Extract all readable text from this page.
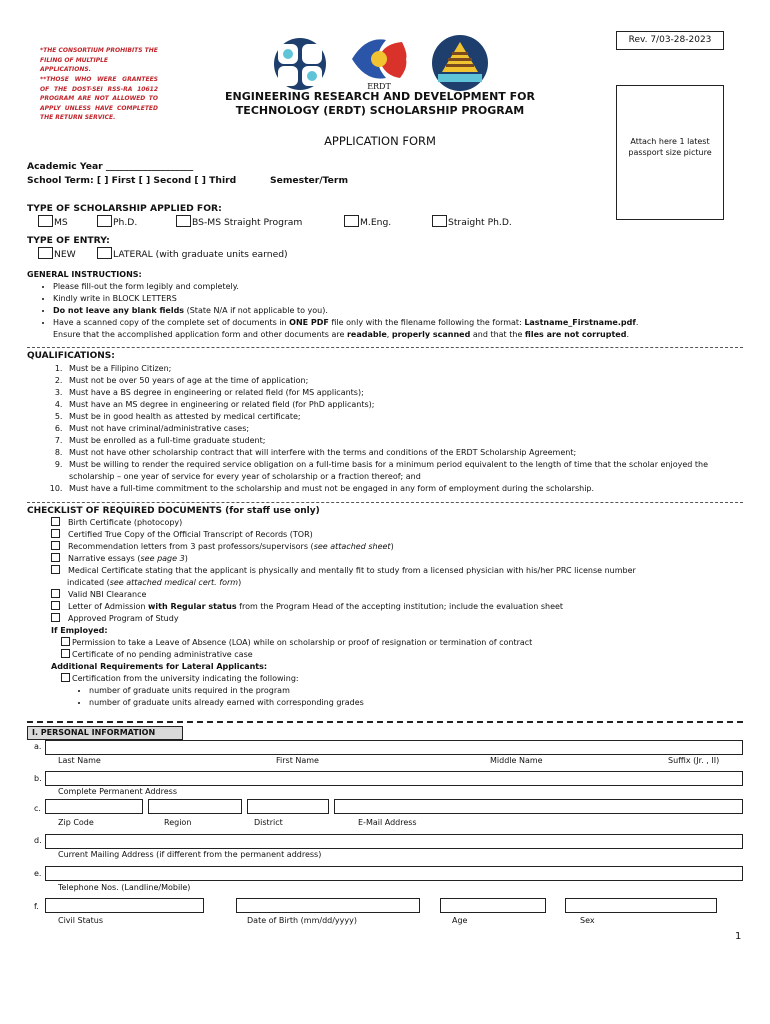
Rev. 7/03-28-2023
*THE CONSORTIUM PROHIBITS THE FILING OF MULTIPLE APPLICATIONS.
**THOSE WHO WERE GRANTEES OF THE DOST-SEI RSS-RA 10612 PROGRAM ARE NOT ALLOWED TO APPLY UNLESS HAVE COMPLETED THE RETURN SERVICE.
ERDT
ENGINEERING RESEARCH AND DEVELOPMENT FOR
TECHNOLOGY (ERDT) SCHOLARSHIP PROGRAM
APPLICATION FORM	Attach here 1 latest passport size picture
Academic Year ___________________
School Term: [ ] First [ ] Second [ ] Third	Semester/Term
TYPE OF SCHOLARSHIP APPLIED FOR:
MS	Ph.D.	BS-MS Straight Program	M.Eng.	Straight Ph.D.
TYPE OF ENTRY:
NEW	LATERAL (with graduate units earned)
GENERAL INSTRUCTIONS:
• Please fill-out the form legibly and completely.
• Kindly write in BLOCK LETTERS
• Do not leave any blank fields (State N/A if not applicable to you).
• Have a scanned copy of the complete set of documents in ONE PDF file only with the filename following the format: Lastname_Firstname.pdf.
Ensure that the accomplished application form and other documents are readable, properly scanned and that the files are not corrupted.
QUALIFICATIONS:
1. Must be a Filipino Citizen;
2. Must not be over 50 years of age at the time of application;
3. Must have a BS degree in engineering or related field (for MS applicants);
4. Must have an MS degree in engineering or related field (for PhD applicants);
5. Must be in good health as attested by medical certificate;
6. Must not have criminal/administrative cases;
7. Must be enrolled as a full-time graduate student;
8. Must not have other scholarship contract that will interfere with the terms and conditions of the ERDT Scholarship Agreement;
9. Must be willing to render the required service obligation on a full-time basis for a minimum period equivalent to the length of time that the scholar enjoyed the scholarship – one year of service for every year of scholarship or a fraction thereof; and
10. Must have a full-time commitment to the scholarship and must not be engaged in any form of employment during the scholarship.
CHECKLIST OF REQUIRED DOCUMENTS (for staff use only)
Birth Certificate (photocopy)
Certified True Copy of the Official Transcript of Records (TOR)
Recommendation letters from 3 past professors/supervisors (see attached sheet)
Narrative essays (see page 3)
Medical Certificate stating that the applicant is physically and mentally fit to study from a licensed physician with his/her PRC license number
indicated (see attached medical cert. form)
Valid NBI Clearance
Letter of Admission with Regular status from the Program Head of the accepting institution; include the evaluation sheet
Approved Program of Study
If Employed:
Permission to take a Leave of Absence (LOA) while on scholarship or proof of resignation or termination of contract
Certificate of no pending administrative case
Additional Requirements for Lateral Applicants:
Certification from the university indicating the following:
• number of graduate units required in the program
• number of graduate units already earned with corresponding grades
I. PERSONAL INFORMATION
a.
Last Name	First Name	Middle Name	Suffix (Jr. , II)
b.
Complete Permanent Address
c.
Zip Code	Region	District	E-Mail Address
d.
Current Mailing Address (if different from the permanent address)
e.
Telephone Nos. (Landline/Mobile)
f.
Civil Status	Date of Birth (mm/dd/yyyy)	Age	Sex
1
